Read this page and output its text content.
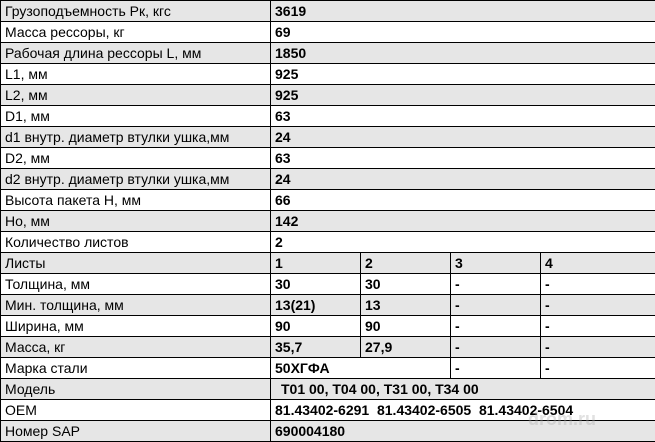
Грузоподъемность Рк, кгс	3619			
Масса рессоры, кг	69			
Рабочая длина рессоры L, мм	1850			
L1, мм	925			
L2, мм	925			
D1, мм	63			
d1 внутр. диаметр втулки ушка,мм	24			
D2, мм	63			
d2 внутр. диаметр втулки ушка,мм	24			
Высота пакета Н, мм	66			
Но, мм	142			
Количество листов	2			
Листы	1	2	3	4
Толщина, мм	30	30	-	-
Мин. толщина, мм	13(21)	13	-	-
Ширина, мм	90	90	-	-
Масса, кг	35,7	27,9	-	-
Марка стали	50ХГФА		-	-
Модель	Т01 00, Т04 00, Т31 00, Т34 00			
OEM	81.43402-6291  81.43402-6505  81.43402-6504			
Номер SAP	690004180			
drom.ru
